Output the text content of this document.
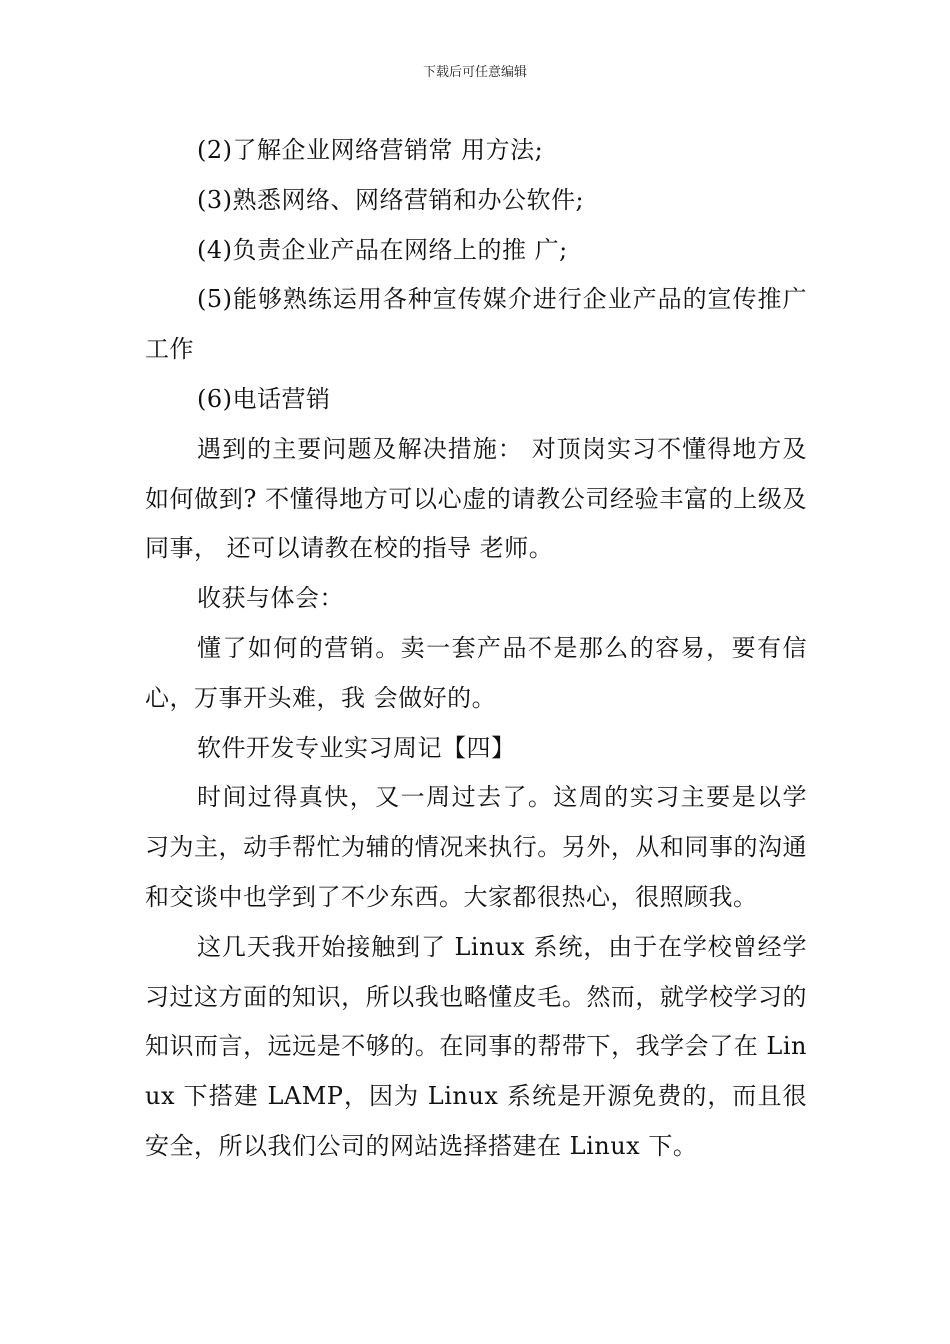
下载后可任意编辑

(2)了解企业网络营销常 用方法;

(3)熟悉网络、网络营销和办公软件;

(4)负责企业产品在网络上的推 广;

(5)能够熟练运用各种宣传媒介进行企业产品的宣传推广工作

(6)电话营销

遇到的主要问题及解决措施： 对顶岗实习不懂得地方及如何做到? 不懂得地方可以心虚的请教公司经验丰富的上级及同事， 还可以请教在校的指导 老师。

收获与体会：

懂了如何的营销。卖一套产品不是那么的容易，要有信心，万事开头难，我 会做好的。

软件开发专业实习周记【四】

时间过得真快，又一周过去了。这周的实习主要是以学习为主，动手帮忙为辅的情况来执行。另外，从和同事的沟通和交谈中也学到了不少东西。大家都很热心，很照顾我。

这几天我开始接触到了 Linux 系统，由于在学校曾经学习过这方面的知识，所以我也略懂皮毛。然而，就学校学习的知识而言，远远是不够的。在同事的帮带下，我学会了在 Linux 下搭建 LAMP，因为 Linux 系统是开源免费的，而且很安全，所以我们公司的网站选择搭建在 Linux 下。
